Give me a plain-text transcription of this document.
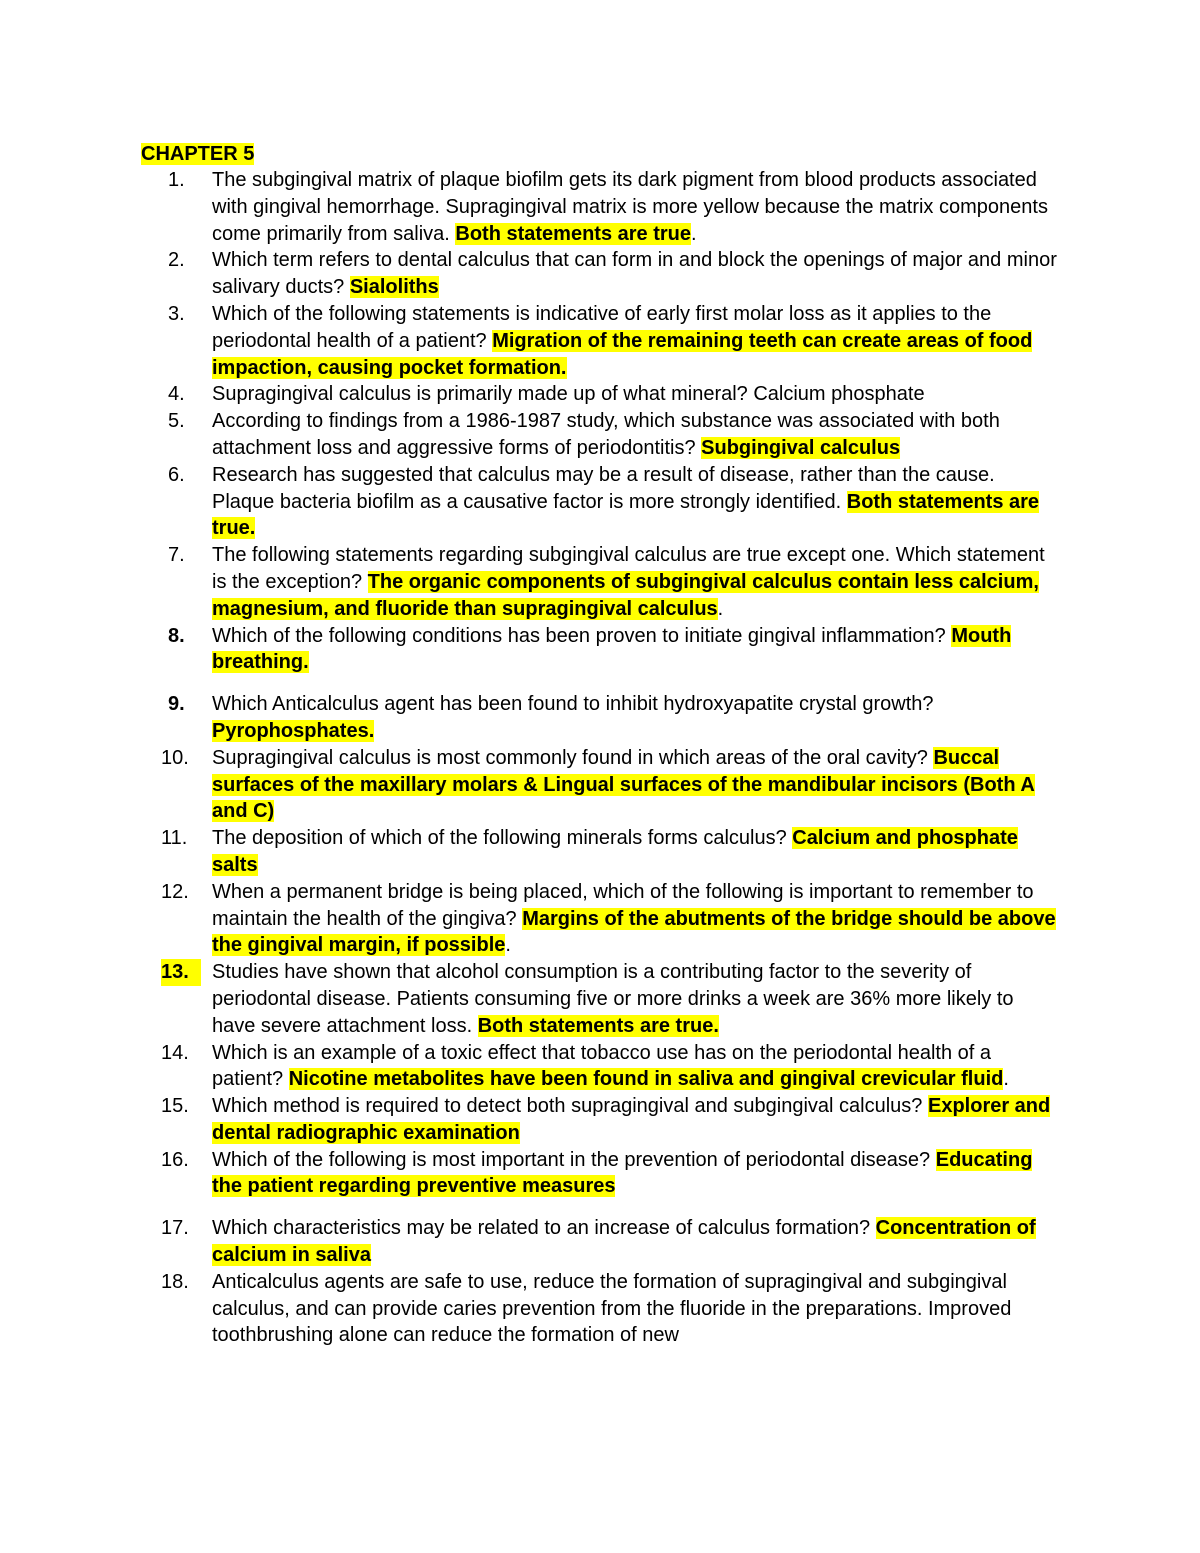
CHAPTER 5
1.	The subgingival matrix of plaque biofilm gets its dark pigment from blood products associated with gingival hemorrhage. Supragingival matrix is more yellow because the matrix components come primarily from saliva. Both statements are true.
2.	Which term refers to dental calculus that can form in and block the openings of major and minor salivary ducts? Sialoliths
3.	Which of the following statements is indicative of early first molar loss as it applies to the periodontal health of a patient? Migration of the remaining teeth can create areas of food impaction, causing pocket formation.
4.	Supragingival calculus is primarily made up of what mineral? Calcium phosphate
5.	According to findings from a 1986-1987 study, which substance was associated with both attachment loss and aggressive forms of periodontitis? Subgingival calculus
6.	Research has suggested that calculus may be a result of disease, rather than the cause. Plaque bacteria biofilm as a causative factor is more strongly identified. Both statements are true.
7.	The following statements regarding subgingival calculus are true except one. Which statement is the exception? The organic components of subgingival calculus contain less calcium, magnesium, and fluoride than supragingival calculus.
8.	Which of the following conditions has been proven to initiate gingival inflammation? Mouth breathing.
9.	Which Anticalculus agent has been found to inhibit hydroxyapatite crystal growth? Pyrophosphates.
10.	Supragingival calculus is most commonly found in which areas of the oral cavity? Buccal surfaces of the maxillary molars & Lingual surfaces of the mandibular incisors (Both A and C)
11.	The deposition of which of the following minerals forms calculus? Calcium and phosphate salts
12.	When a permanent bridge is being placed, which of the following is important to remember to maintain the health of the gingiva? Margins of the abutments of the bridge should be above the gingival margin, if possible.
13.	Studies have shown that alcohol consumption is a contributing factor to the severity of periodontal disease. Patients consuming five or more drinks a week are 36% more likely to have severe attachment loss. Both statements are true.
14.	Which is an example of a toxic effect that tobacco use has on the periodontal health of a patient? Nicotine metabolites have been found in saliva and gingival crevicular fluid.
15.	Which method is required to detect both supragingival and subgingival calculus? Explorer and dental radiographic examination
16.	Which of the following is most important in the prevention of periodontal disease? Educating the patient regarding preventive measures
17.	Which characteristics may be related to an increase of calculus formation? Concentration of calcium in saliva
18.	Anticalculus agents are safe to use, reduce the formation of supragingival and subgingival calculus, and can provide caries prevention from the fluoride in the preparations. Improved toothbrushing alone can reduce the formation of new
